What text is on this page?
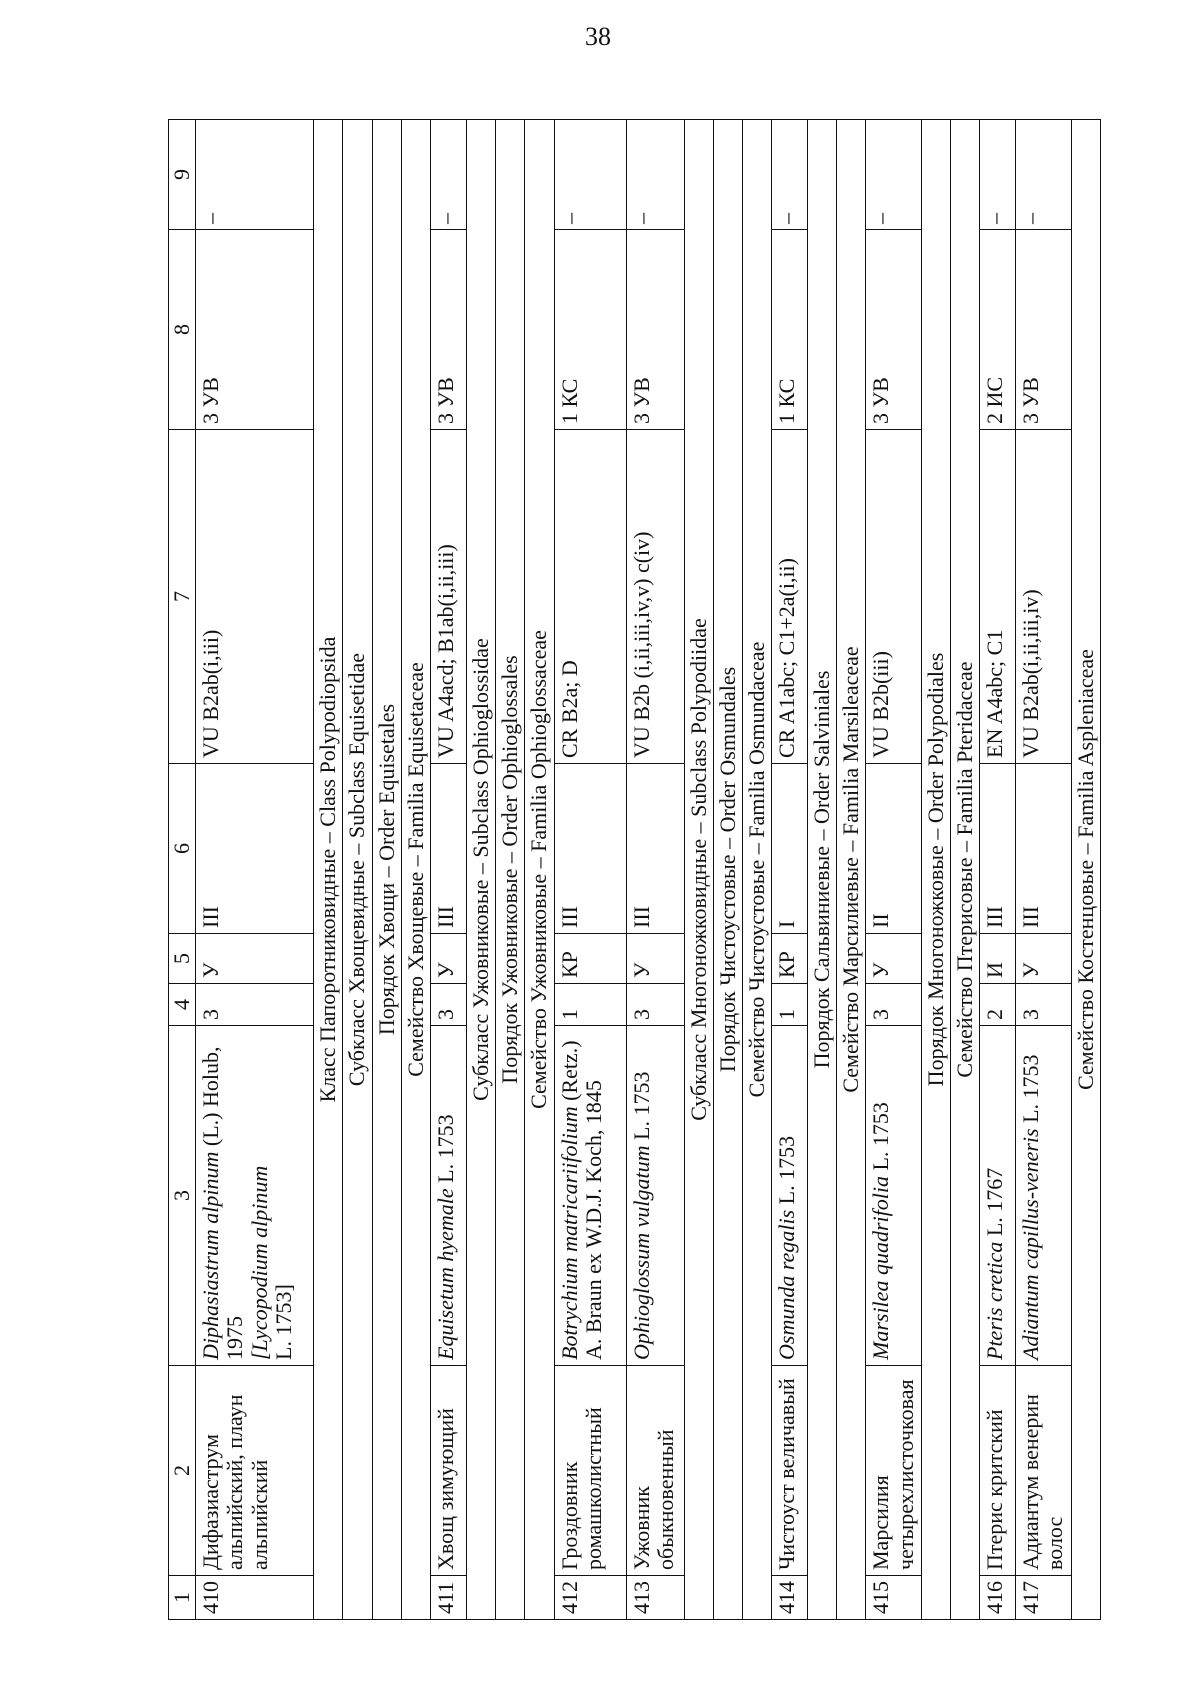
38
1	2	3	4	5	6	7	8	9
410	Дифазиаструм альпийский, плаун альпийский	Diphasiastrum alpinum (L.) Holub, 1975
[Lycopodium alpinum
L. 1753]	3	У	III	VU B2ab(i,iii)	3 УВ	–
Класс Папоротниковидные – Class Polypodiopsida								
Субкласс Хвощевидные – Subclass Equisetidae								
Порядок Хвощи – Order Equisetales								
Семейство Хвощевые – Familia Equisetaceae								
411	Хвощ зимующий	Equisetum hyemale L. 1753	3	У	III	VU A4acd; B1ab(i,ii,iii)	3 УВ	–
Субкласс Ужовниковые – Subclass Ophioglossidae								
Порядок Ужовниковые – Order Ophioglossales								
Семейство Ужовниковые – Familia Ophioglossaceae								
412	Гроздовник ромашколистный	Botrychium matricariifolium (Retz.) A. Braun ex W.D.J. Koch, 1845	1	КР	III	CR B2a; D	1 КС	–
413	Ужовник обыкновенный	Ophioglossum vulgatum L. 1753	3	У	III	VU B2b (i,ii,iii,iv,v) c(iv)	3 УВ	–
Субкласс Многоножковидные – Subclass Polypodiidae								
Порядок Чистоустовые – Order Osmundales								
Семейство Чистоустовые – Familia Osmundaceae								
414	Чистоуст величавый	Osmunda regalis L. 1753	1	КР	I	CR A1abc; C1+2a(i,ii)	1 КС	–
Порядок Сальвиниевые – Order Salviniales								
Семейство Марсилиевые – Familia Marsileaceae								
415	Марсилия четырехлисточковая	Marsilea quadrifolia L. 1753	3	У	II	VU B2b(iii)	3 УВ	–
Порядок Многоножковые – Order Polypodiales								
Семейство Птерисовые – Familia Pteridaceae								
416	Птерис критский	Pteris cretica L. 1767	2	И	III	EN A4abc; C1	2 ИС	–
417	Адиантум венерин волос	Adiantum capillus-veneris L. 1753	3	У	III	VU B2ab(i,ii,iii,iv)	3 УВ	–
Семейство Костенцовые – Familia Aspleniaceae								
